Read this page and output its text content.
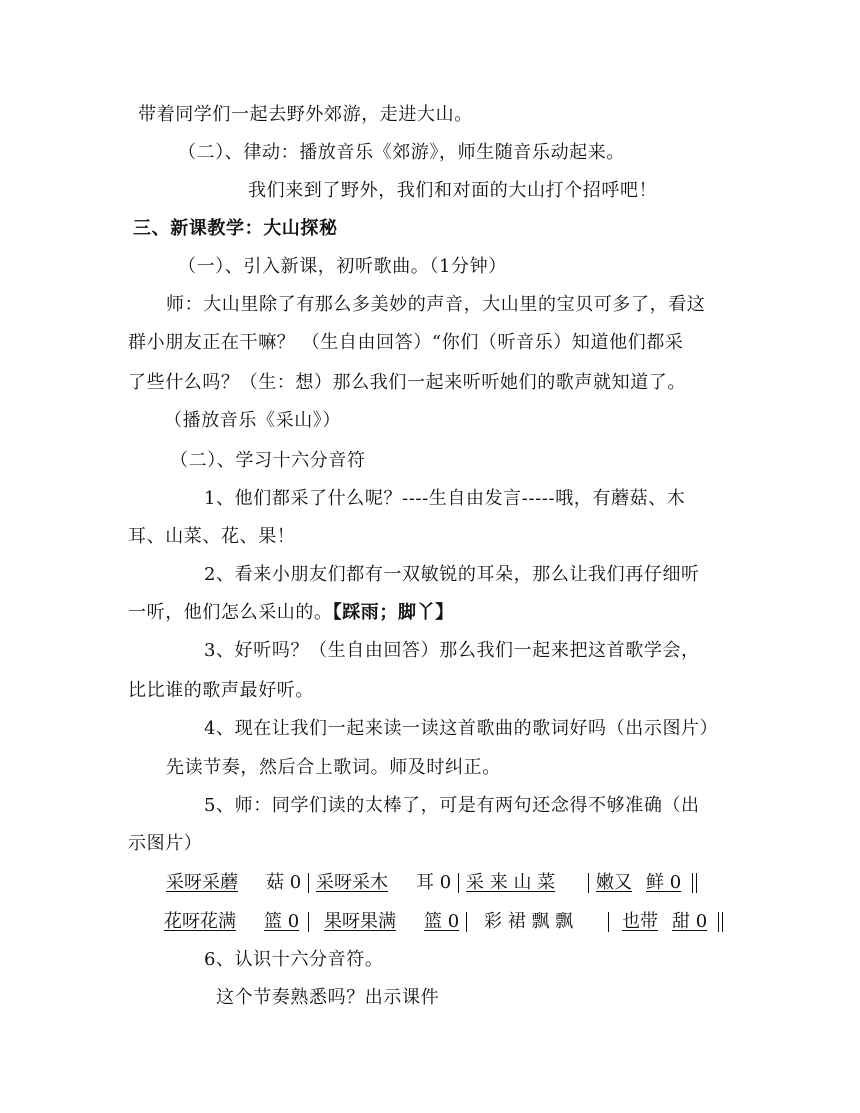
带着同学们一起去野外郊游，走进大山。
（二）、律动：播放音乐《郊游》，师生随音乐动起来。
我们来到了野外，我们和对面的大山打个招呼吧！
三、新课教学：大山探秘
（一）、引入新课，初听歌曲。（1分钟）
师：大山里除了有那么多美妙的声音，大山里的宝贝可多了，看这
群小朋友正在干嘛？ （生自由回答）“你们（听音乐）知道他们都采
了些什么吗？（生：想）那么我们一起来听听她们的歌声就知道了。
（播放音乐《采山》）
（二）、学习十六分音符
1、他们都采了什么呢？----生自由发言-----哦，有蘑菇、木
耳、山菜、花、果！
2、看来小朋友们都有一双敏锐的耳朵，那么让我们再仔细听
一听，他们怎么采山的。【踩雨；脚丫】
3、好听吗？（生自由回答）那么我们一起来把这首歌学会，
比比谁的歌声最好听。
4、现在让我们一起来读一读这首歌曲的歌词好吗（出示图片）
先读节奏，然后合上歌词。师及时纠正。
5、师：同学们读的太棒了，可是有两句还念得不够准确（出
示图片）
采呀采蘑 菇 0 采呀采木 耳 0 采 来 山 菜 嫩又 鲜 0
花呀花满 篮 0 果呀果满 篮 0 彩 裙 飘 飘	也带 甜 0
6、认识十六分音符。
这个节奏熟悉吗？出示课件
